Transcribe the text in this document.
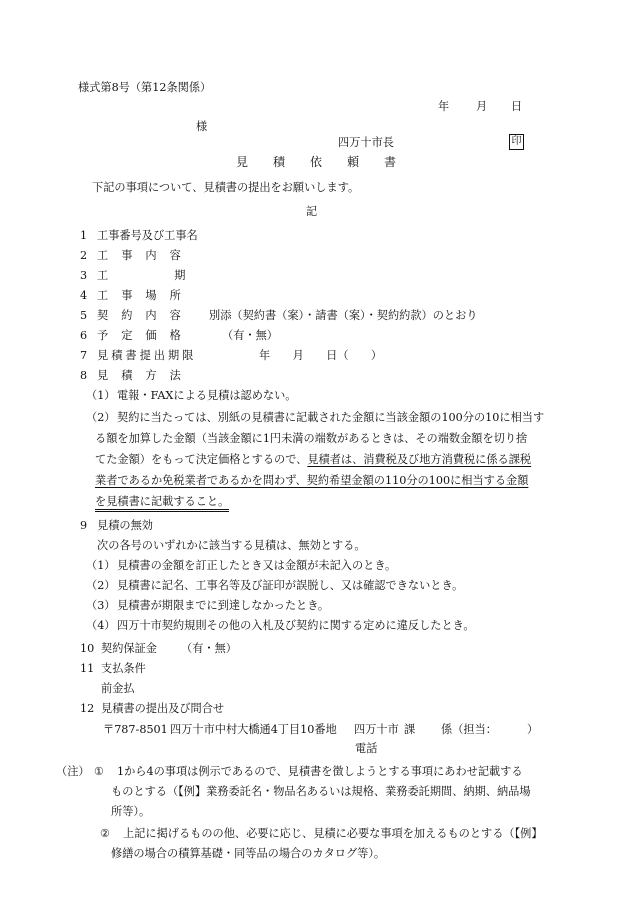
様式第8号（第12条関係）
年 月 日
様
四万十市長	印
見積依頼書
下記の事項について、見積書の提出をお願いします。
記
1 工事番号及び工事名
2 工事内容
3 工期
4 工事場所
5 契約内容 別添（契約書（案）・請書（案）・契約約款）のとおり
6 予定価格	（有・無）
7 見積書提出期限	年　　月　　日（　　）
8 見積方法
（1） 電報・FAXによる見積は認めない。
（2） 契約に当たっては、別紙の見積書に記載された金額に当該金額の100分の10に相当す
る額を加算した金額（当該金額に1円未満の端数があるときは、その端数金額を切り捨
てた金額）をもって決定価格とするので、見積者は、消費税及び地方消費税に係る課税
業者であるか免税業者であるかを問わず、契約希望金額の110分の100に相当する金額
を見積書に記載すること。
9 見積の無効
次の各号のいずれかに該当する見積は、無効とする。
（1） 見積書の金額を訂正したとき又は金額が未記入のとき。
（2） 見積書に記名、工事名等及び証印が誤脱し、又は確認できないとき。
（3） 見積書が期限までに到達しなかったとき。
（4） 四万十市契約規則その他の入札及び契約に関する定めに違反したとき。
10 契約保証金 （有・無）
11 支払条件
前金払
12 見積書の提出及び問合せ
〒787-8501 四万十市中村大橋通4丁目10番地 四万十市 課 係（担当：	）
電話
（注） ① 1から4の事項は例示であるので、見積書を徴しようとする事項にあわせ記載する
ものとする（【例】業務委託名・物品名あるいは規格、業務委託期間、納期、納品場
所等）。
② 上記に掲げるものの他、必要に応じ、見積に必要な事項を加えるものとする（【例】
修繕の場合の積算基礎・同等品の場合のカタログ等）。
